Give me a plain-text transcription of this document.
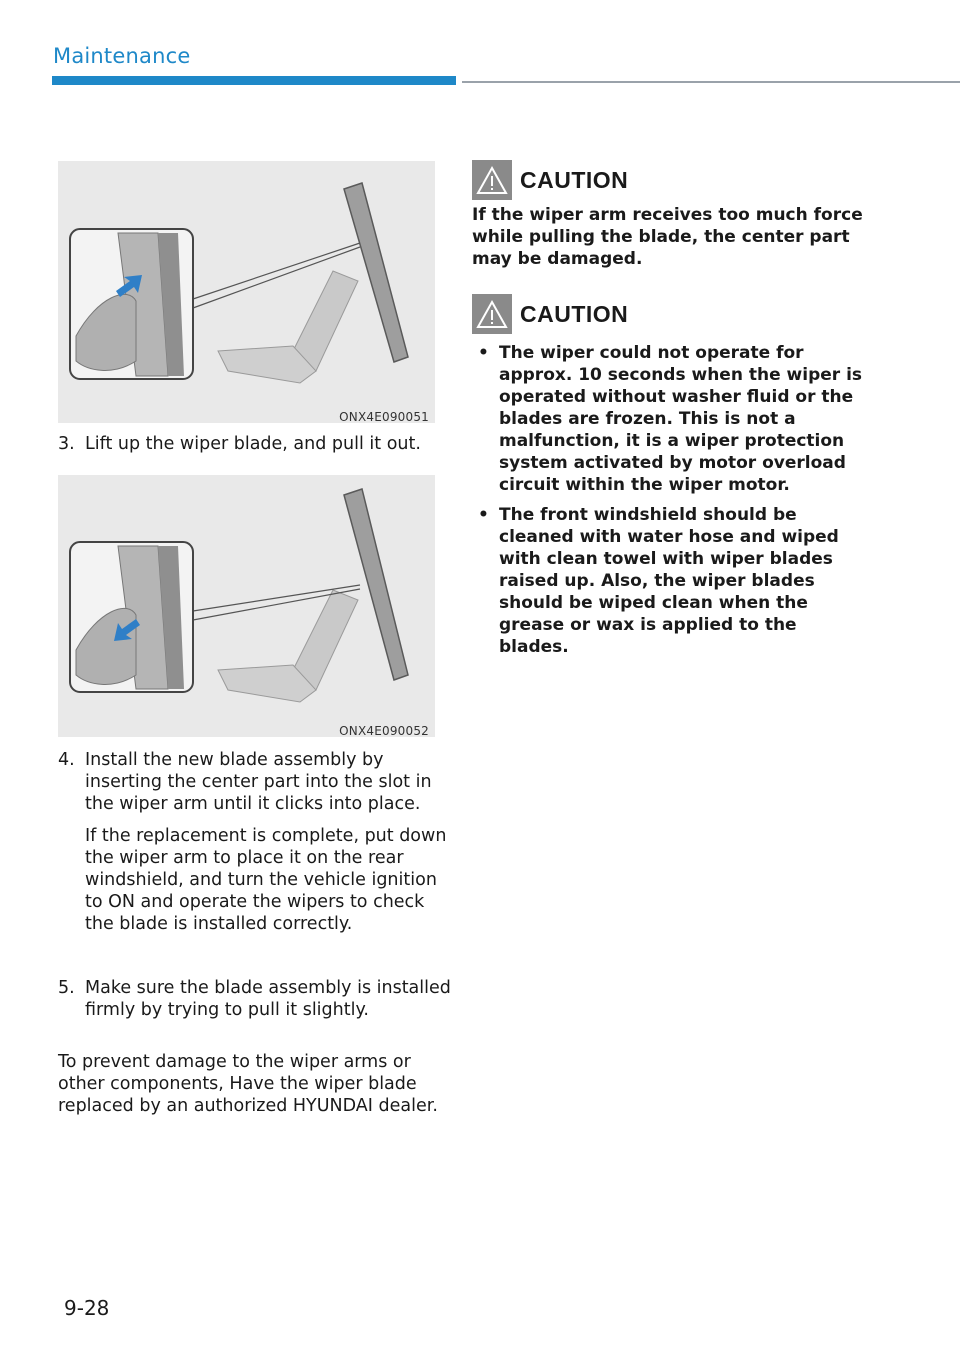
Maintenance
ONX4E090051
3. Lift up the wiper blade, and pull it out.

ONX4E090052
4. Install the new blade assembly by inserting the center part into the slot in the wiper arm until it clicks into place.

If the replacement is complete, put down the wiper arm to place it on the rear windshield, and turn the vehicle ignition to ON and operate the wipers to check the blade is installed correctly.

5. Make sure the blade assembly is installed firmly by trying to pull it slightly.

To prevent damage to the wiper arms or other components, Have the wiper blade replaced by an authorized HYUNDAI dealer.
CAUTION
If the wiper arm receives too much force while pulling the blade, the center part may be damaged.
CAUTION
• The wiper could not operate for approx. 10 seconds when the wiper is operated without washer fluid or the blades are frozen. This is not a malfunction, it is a wiper protection system activated by motor overload circuit within the wiper motor.
• The front windshield should be cleaned with water hose and wiped with clean towel with wiper blades raised up. Also, the wiper blades should be wiped clean when the grease or wax is applied to the blades.
9-28
